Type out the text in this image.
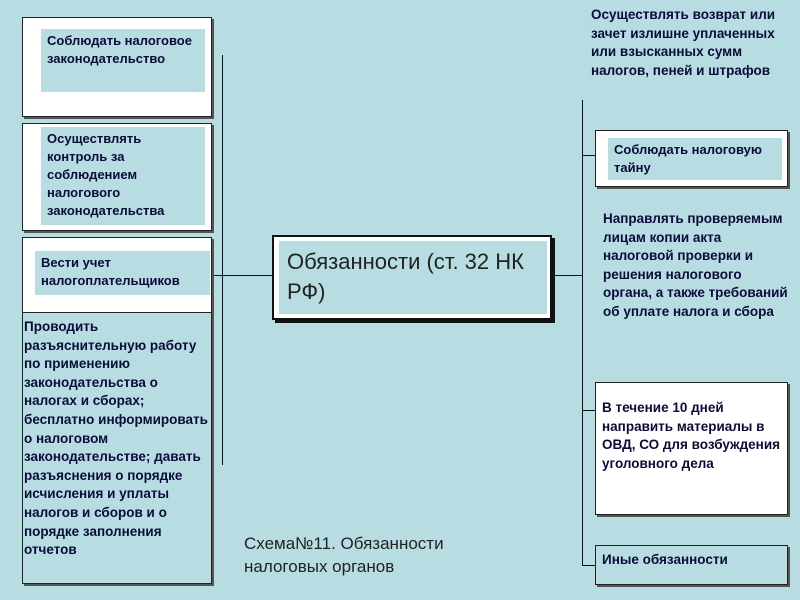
Соблюдать налоговое законодательство
Осуществлять контроль за соблюдением налогового законодательства
Вести учет налогоплательщиков
Проводить разъяснительную работу по применению законодательства о налогах и сборах; бесплатно информировать о налоговом законодательстве; давать разъяснения о порядке исчисления и уплаты налогов и сборов и о порядке заполнения отчетов
Обязанности (ст. 32 НК РФ)
Осуществлять возврат или зачет излишне уплаченных или взысканных сумм налогов, пеней и штрафов
Соблюдать налоговую тайну
Направлять проверяемым лицам копии акта налоговой проверки и решения налогового органа, а также требований об уплате налога и сбора
В течение 10 дней направить материалы в ОВД, СО для возбуждения уголовного дела
Иные обязанности
Схема№11. Обязанности налоговых органов
